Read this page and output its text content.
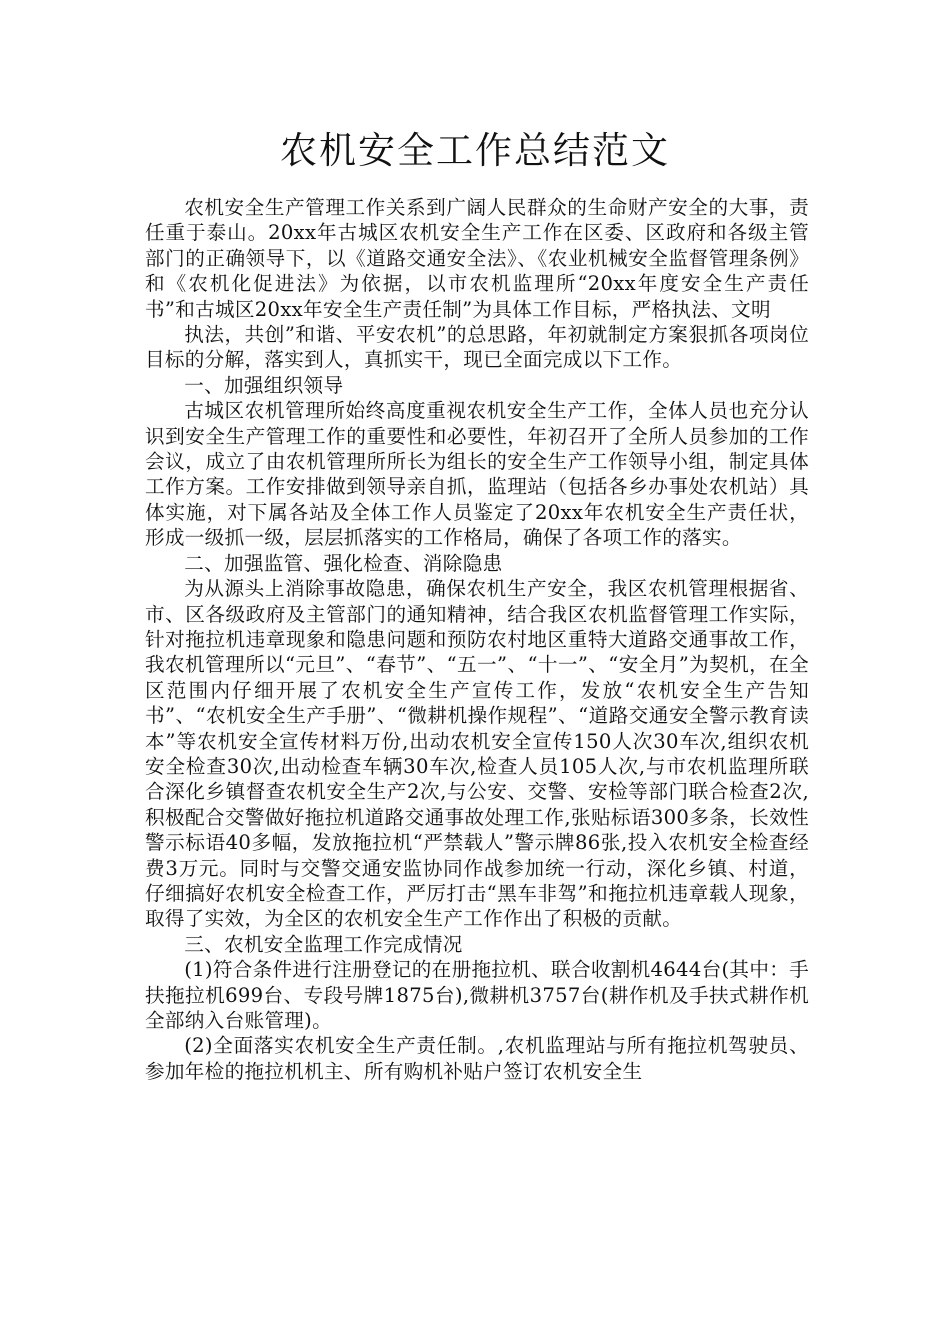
农机安全工作总结范文

农机安全生产管理工作关系到广阔人民群众的生命财产安全的大事，责任重于泰山。20xx年古城区农机安全生产工作在区委、区政府和各级主管部门的正确领导下，以《道路交通安全法》、《农业机械安全监督管理条例》和《农机化促进法》为依据，以市农机监理所“20xx年度安全生产责任书”和古城区20xx年安全生产责任制”为具体工作目标，严格执法、文明

执法，共创”和谐、平安农机”的总思路，年初就制定方案狠抓各项岗位目标的分解，落实到人，真抓实干，现已全面完成以下工作。

一、加强组织领导

古城区农机管理所始终高度重视农机安全生产工作，全体人员也充分认识到安全生产管理工作的重要性和必要性，年初召开了全所人员参加的工作会议，成立了由农机管理所所长为组长的安全生产工作领导小组，制定具体工作方案。工作安排做到领导亲自抓，监理站（包括各乡办事处农机站）具体实施，对下属各站及全体工作人员鉴定了20xx年农机安全生产责任状，形成一级抓一级，层层抓落实的工作格局，确保了各项工作的落实。

二、加强监管、强化检查、消除隐患

为从源头上消除事故隐患，确保农机生产安全，我区农机管理根据省、市、区各级政府及主管部门的通知精神，结合我区农机监督管理工作实际，针对拖拉机违章现象和隐患问题和预防农村地区重特大道路交通事故工作，我农机管理所以“元旦”、“春节”、“五一”、“十一”、“安全月”为契机，在全区范围内仔细开展了农机安全生产宣传工作，发放“农机安全生产告知书”、“农机安全生产手册”、“微耕机操作规程”、“道路交通安全警示教育读本”等农机安全宣传材料万份,出动农机安全宣传150人次30车次,组织农机安全检查30次,出动检查车辆30车次,检查人员105人次,与市农机监理所联合深化乡镇督查农机安全生产2次,与公安、交警、安检等部门联合检查2次,积极配合交警做好拖拉机道路交通事故处理工作,张贴标语300多条，长效性警示标语40多幅，发放拖拉机“严禁载人”警示牌86张,投入农机安全检查经费3万元。同时与交警交通安监协同作战参加统一行动，深化乡镇、村道，仔细搞好农机安全检查工作，严厉打击“黑车非驾”和拖拉机违章载人现象，取得了实效，为全区的农机安全生产工作作出了积极的贡献。

三、农机安全监理工作完成情况

(1)符合条件进行注册登记的在册拖拉机、联合收割机4644台(其中：手扶拖拉机699台、专段号牌1875台),微耕机3757台(耕作机及手扶式耕作机全部纳入台账管理)。

(2)全面落实农机安全生产责任制。,农机监理站与所有拖拉机驾驶员、参加年检的拖拉机机主、所有购机补贴户签订农机安全生
